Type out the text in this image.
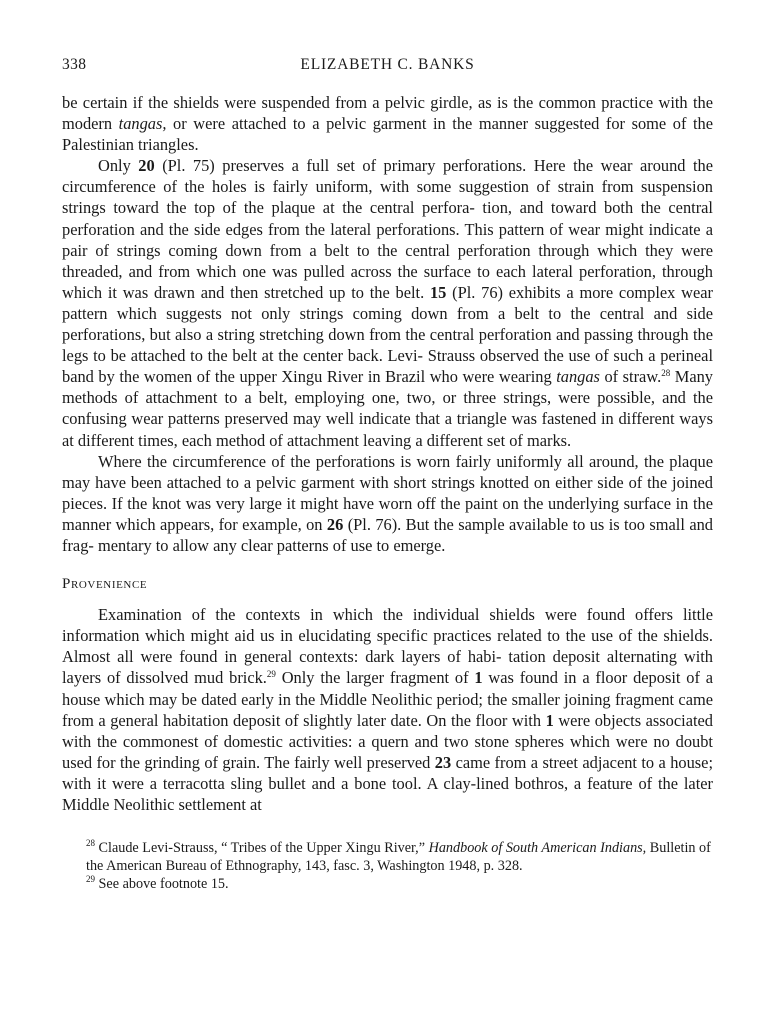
338	ELIZABETH C. BANKS

be certain if the shields were suspended from a pelvic girdle, as is the common practice with the modern tangas, or were attached to a pelvic garment in the manner suggested for some of the Palestinian triangles.

Only 20 (Pl. 75) preserves a full set of primary perforations. Here the wear around the circumference of the holes is fairly uniform, with some suggestion of strain from suspension strings toward the top of the plaque at the central perfora- tion, and toward both the central perforation and the side edges from the lateral perforations. This pattern of wear might indicate a pair of strings coming down from a belt to the central perforation through which they were threaded, and from which one was pulled across the surface to each lateral perforation, through which it was drawn and then stretched up to the belt. 15 (Pl. 76) exhibits a more complex wear pattern which suggests not only strings coming down from a belt to the central and side perforations, but also a string stretching down from the central perforation and passing through the legs to be attached to the belt at the center back. Levi- Strauss observed the use of such a perineal band by the women of the upper Xingu River in Brazil who were wearing tangas of straw.$^{28}$ Many methods of attachment to a belt, employing one, two, or three strings, were possible, and the confusing wear patterns preserved may well indicate that a triangle was fastened in different ways at different times, each method of attachment leaving a different set of marks.

Where the circumference of the perforations is worn fairly uniformly all around, the plaque may have been attached to a pelvic garment with short strings knotted on either side of the joined pieces. If the knot was very large it might have worn off the paint on the underlying surface in the manner which appears, for example, on 26 (Pl. 76). But the sample available to us is too small and frag- mentary to allow any clear patterns of use to emerge.

Provenience

Examination of the contexts in which the individual shields were found offers little information which might aid us in elucidating specific practices related to the use of the shields. Almost all were found in general contexts: dark layers of habi- tation deposit alternating with layers of dissolved mud brick.$^{29}$ Only the larger fragment of 1 was found in a floor deposit of a house which may be dated early in the Middle Neolithic period; the smaller joining fragment came from a general habitation deposit of slightly later date. On the floor with 1 were objects associated with the commonest of domestic activities: a quern and two stone spheres which were no doubt used for the grinding of grain. The fairly well preserved 23 came from a street adjacent to a house; with it were a terracotta sling bullet and a bone tool. A clay-lined bothros, a feature of the later Middle Neolithic settlement at

$^{28}$ Claude Levi-Strauss, “ Tribes of the Upper Xingu River,” Handbook of South American Indians, Bulletin of the American Bureau of Ethnography, 143, fasc. 3, Washington 1948, p. 328.

$^{29}$ See above footnote 15.
